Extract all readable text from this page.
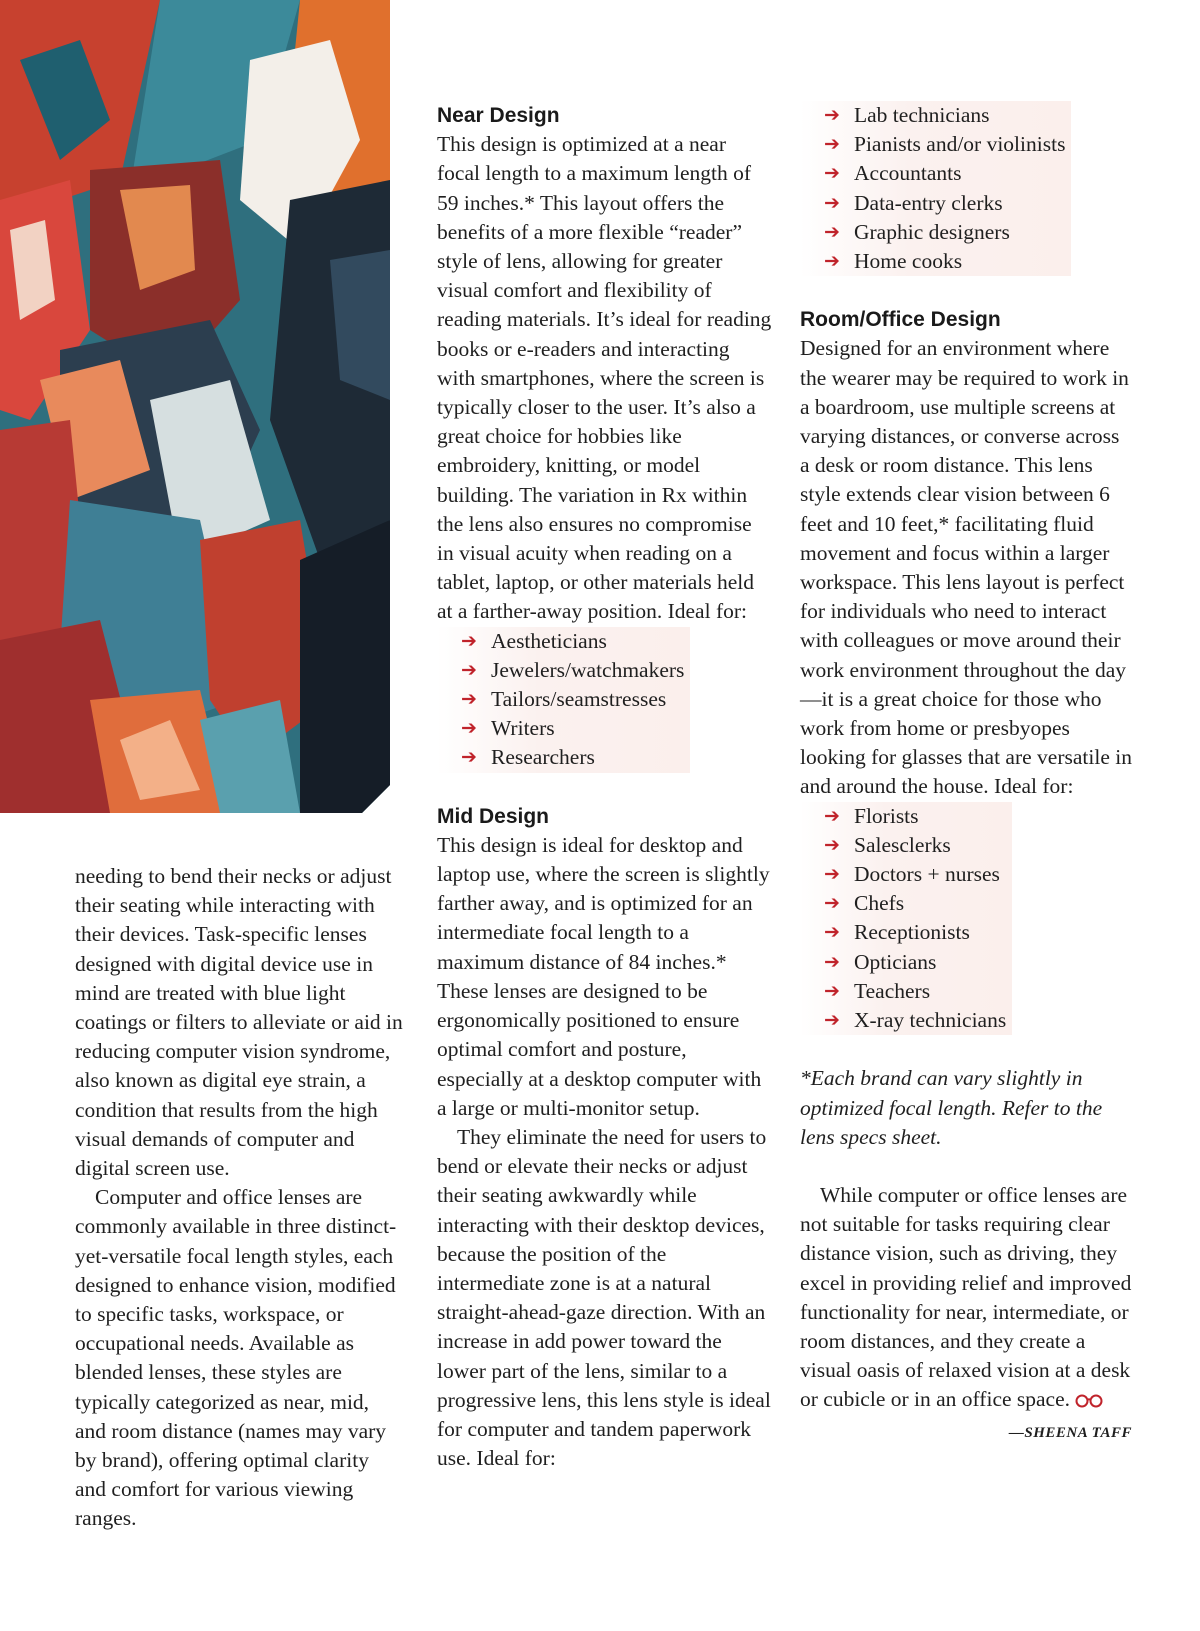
needing to bend their necks or adjust their seating while interacting with their devices. Task-specific lenses designed with digital device use in mind are treated with blue light coatings or filters to alleviate or aid in reducing computer vision syndrome, also known as digital eye strain, a condition that results from the high visual demands of computer and digital screen use.

Computer and office lenses are commonly available in three distinct-yet-versatile focal length styles, each designed to enhance vision, modified to specific tasks, workspace, or occupational needs. Available as blended lenses, these styles are typically categorized as near, mid, and room distance (names may vary by brand), offering optimal clarity and comfort for various viewing ranges.

Near Design

This design is optimized at a near focal length to a maximum length of 59 inches.* This layout offers the benefits of a more flexible “reader” style of lens, allowing for greater visual comfort and flexibility of reading materials. It’s ideal for reading books or e-readers and interacting with smartphones, where the screen is typically closer to the user. It’s also a great choice for hobbies like embroidery, knitting, or model building. The variation in Rx within the lens also ensures no compromise in visual acuity when reading on a tablet, laptop, or other materials held at a farther-away position. Ideal for:

➔ Aestheticians
➔ Jewelers/watchmakers
➔ Tailors/seamstresses
➔ Writers
➔ Researchers
Mid Design

This design is ideal for desktop and laptop use, where the screen is slightly farther away, and is optimized for an intermediate focal length to a maximum distance of 84 inches.* These lenses are designed to be ergonomically positioned to ensure optimal comfort and posture, especially at a desktop computer with a large or multi-monitor setup.

They eliminate the need for users to bend or elevate their necks or adjust their seating awkwardly while interacting with their desktop devices, because the position of the intermediate zone is at a natural straight-ahead-gaze direction. With an increase in add power toward the lower part of the lens, similar to a progressive lens, this lens style is ideal for computer and tandem paperwork use. Ideal for:

➔ Lab technicians
➔ Pianists and/or violinists
➔ Accountants
➔ Data-entry clerks
➔ Graphic designers
➔ Home cooks
Room/Office Design

Designed for an environment where the wearer may be required to work in a boardroom, use multiple screens at varying distances, or converse across a desk or room distance. This lens style extends clear vision between 6 feet and 10 feet,* facilitating fluid movement and focus within a larger workspace. This lens layout is perfect for individuals who need to interact with colleagues or move around their work environment throughout the day—it is a great choice for those who work from home or presbyopes looking for glasses that are versatile in and around the house. Ideal for:

➔ Florists
➔ Salesclerks
➔ Doctors + nurses
➔ Chefs
➔ Receptionists
➔ Opticians
➔ Teachers
➔ X-ray technicians

*Each brand can vary slightly in optimized focal length. Refer to the lens specs sheet.

While computer or office lenses are not suitable for tasks requiring clear distance vision, such as driving, they excel in providing relief and improved functionality for near, intermediate, or room distances, and they create a visual oasis of relaxed vision at a desk or cubicle or in an office space.

—SHEENA TAFF
